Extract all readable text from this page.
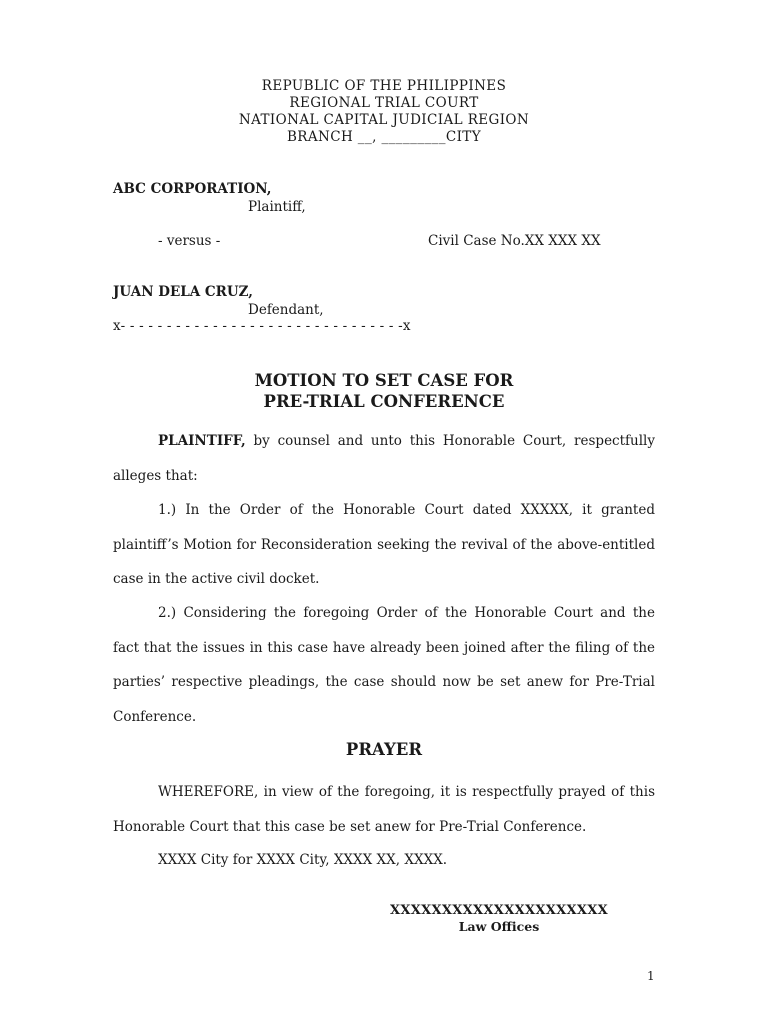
REPUBLIC OF THE PHILIPPINES
REGIONAL TRIAL COURT
NATIONAL CAPITAL JUDICIAL REGION
BRANCH __, _________CITY
ABC CORPORATION,
Plaintiff,
- versus -	Civil Case No.XX XXX XX
JUAN DELA CRUZ,
Defendant,
x- - - - - - - - - - - - - - - - - - - - - - - - - - - - - - -x
MOTION TO SET CASE FOR
PRE-TRIAL CONFERENCE
PLAINTIFF, by counsel and unto this Honorable Court, respectfully alleges that:
1.) In the Order of the Honorable Court dated XXXXX, it granted plaintiff’s Motion for Reconsideration seeking the revival of the above-entitled case in the active civil docket.
2.) Considering the foregoing Order of the Honorable Court and the fact that the issues in this case have already been joined after the filing of the parties’ respective pleadings, the case should now be set anew for Pre-Trial Conference.
PRAYER
WHEREFORE, in view of the foregoing, it is respectfully prayed of this Honorable Court that this case be set anew for Pre-Trial Conference.
XXXX City for XXXX City, XXXX XX, XXXX.
XXXXXXXXXXXXXXXXXXXXX
Law Offices
1
